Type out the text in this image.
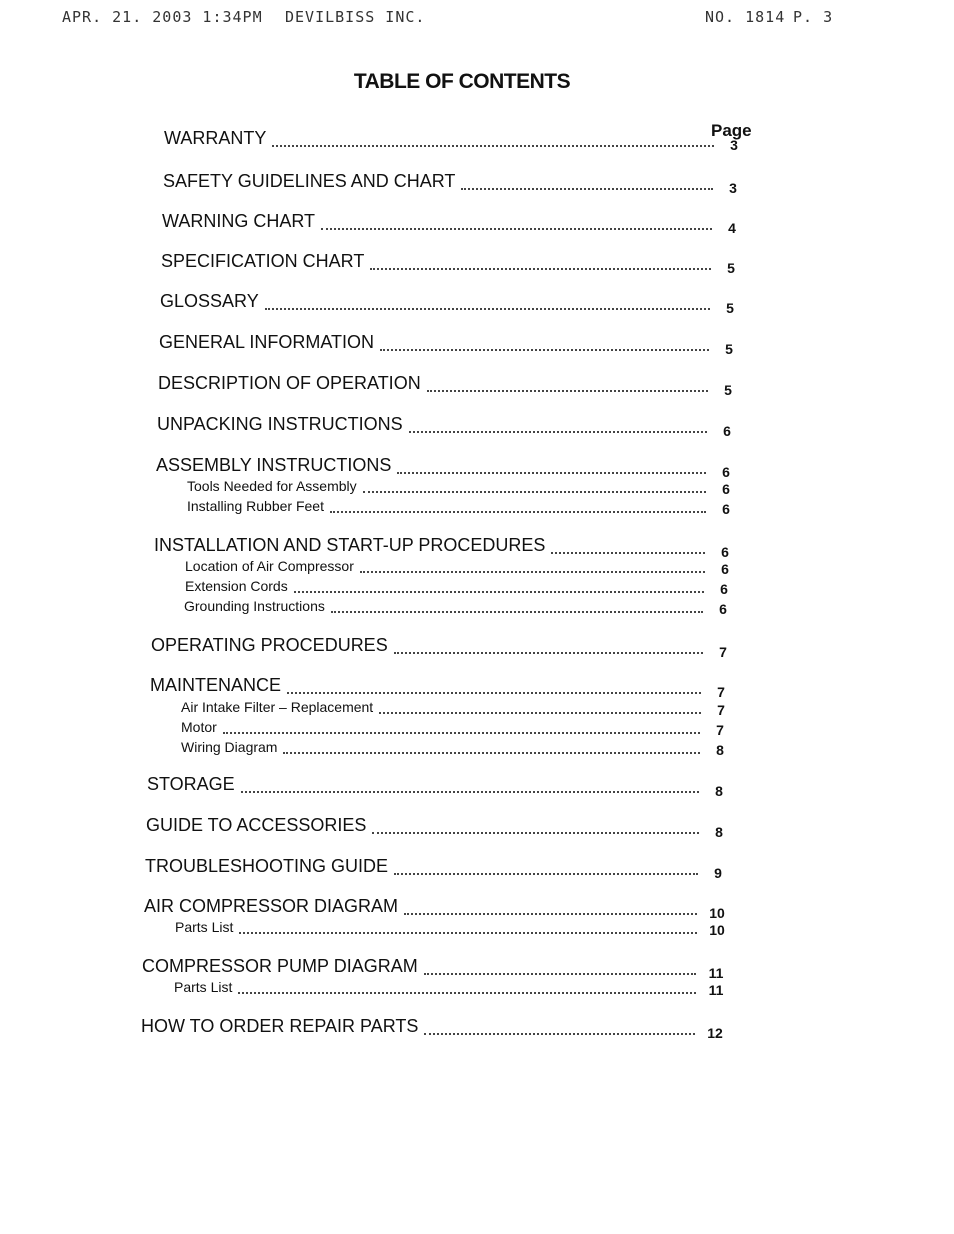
APR. 21. 2003 1:34PM DEVILBISS INC.	NO. 1814 P. 3
TABLE OF CONTENTS
Page
WARRANTY	3
SAFETY GUIDELINES AND CHART	3
WARNING CHART	4
SPECIFICATION CHART	5
GLOSSARY	5
GENERAL INFORMATION	5
DESCRIPTION OF OPERATION	5
UNPACKING INSTRUCTIONS	6
ASSEMBLY INSTRUCTIONS	6
Tools Needed for Assembly	6
Installing Rubber Feet	6
INSTALLATION AND START-UP PROCEDURES	6
Location of Air Compressor	6
Extension Cords	6
Grounding Instructions	6
OPERATING PROCEDURES	7
MAINTENANCE	7
Air Intake Filter – Replacement	7
Motor	7
Wiring Diagram	8
STORAGE	8
GUIDE TO ACCESSORIES	8
TROUBLESHOOTING GUIDE	9
AIR COMPRESSOR DIAGRAM	10
Parts List	10
COMPRESSOR PUMP DIAGRAM	11
Parts List	11
HOW TO ORDER REPAIR PARTS	12
